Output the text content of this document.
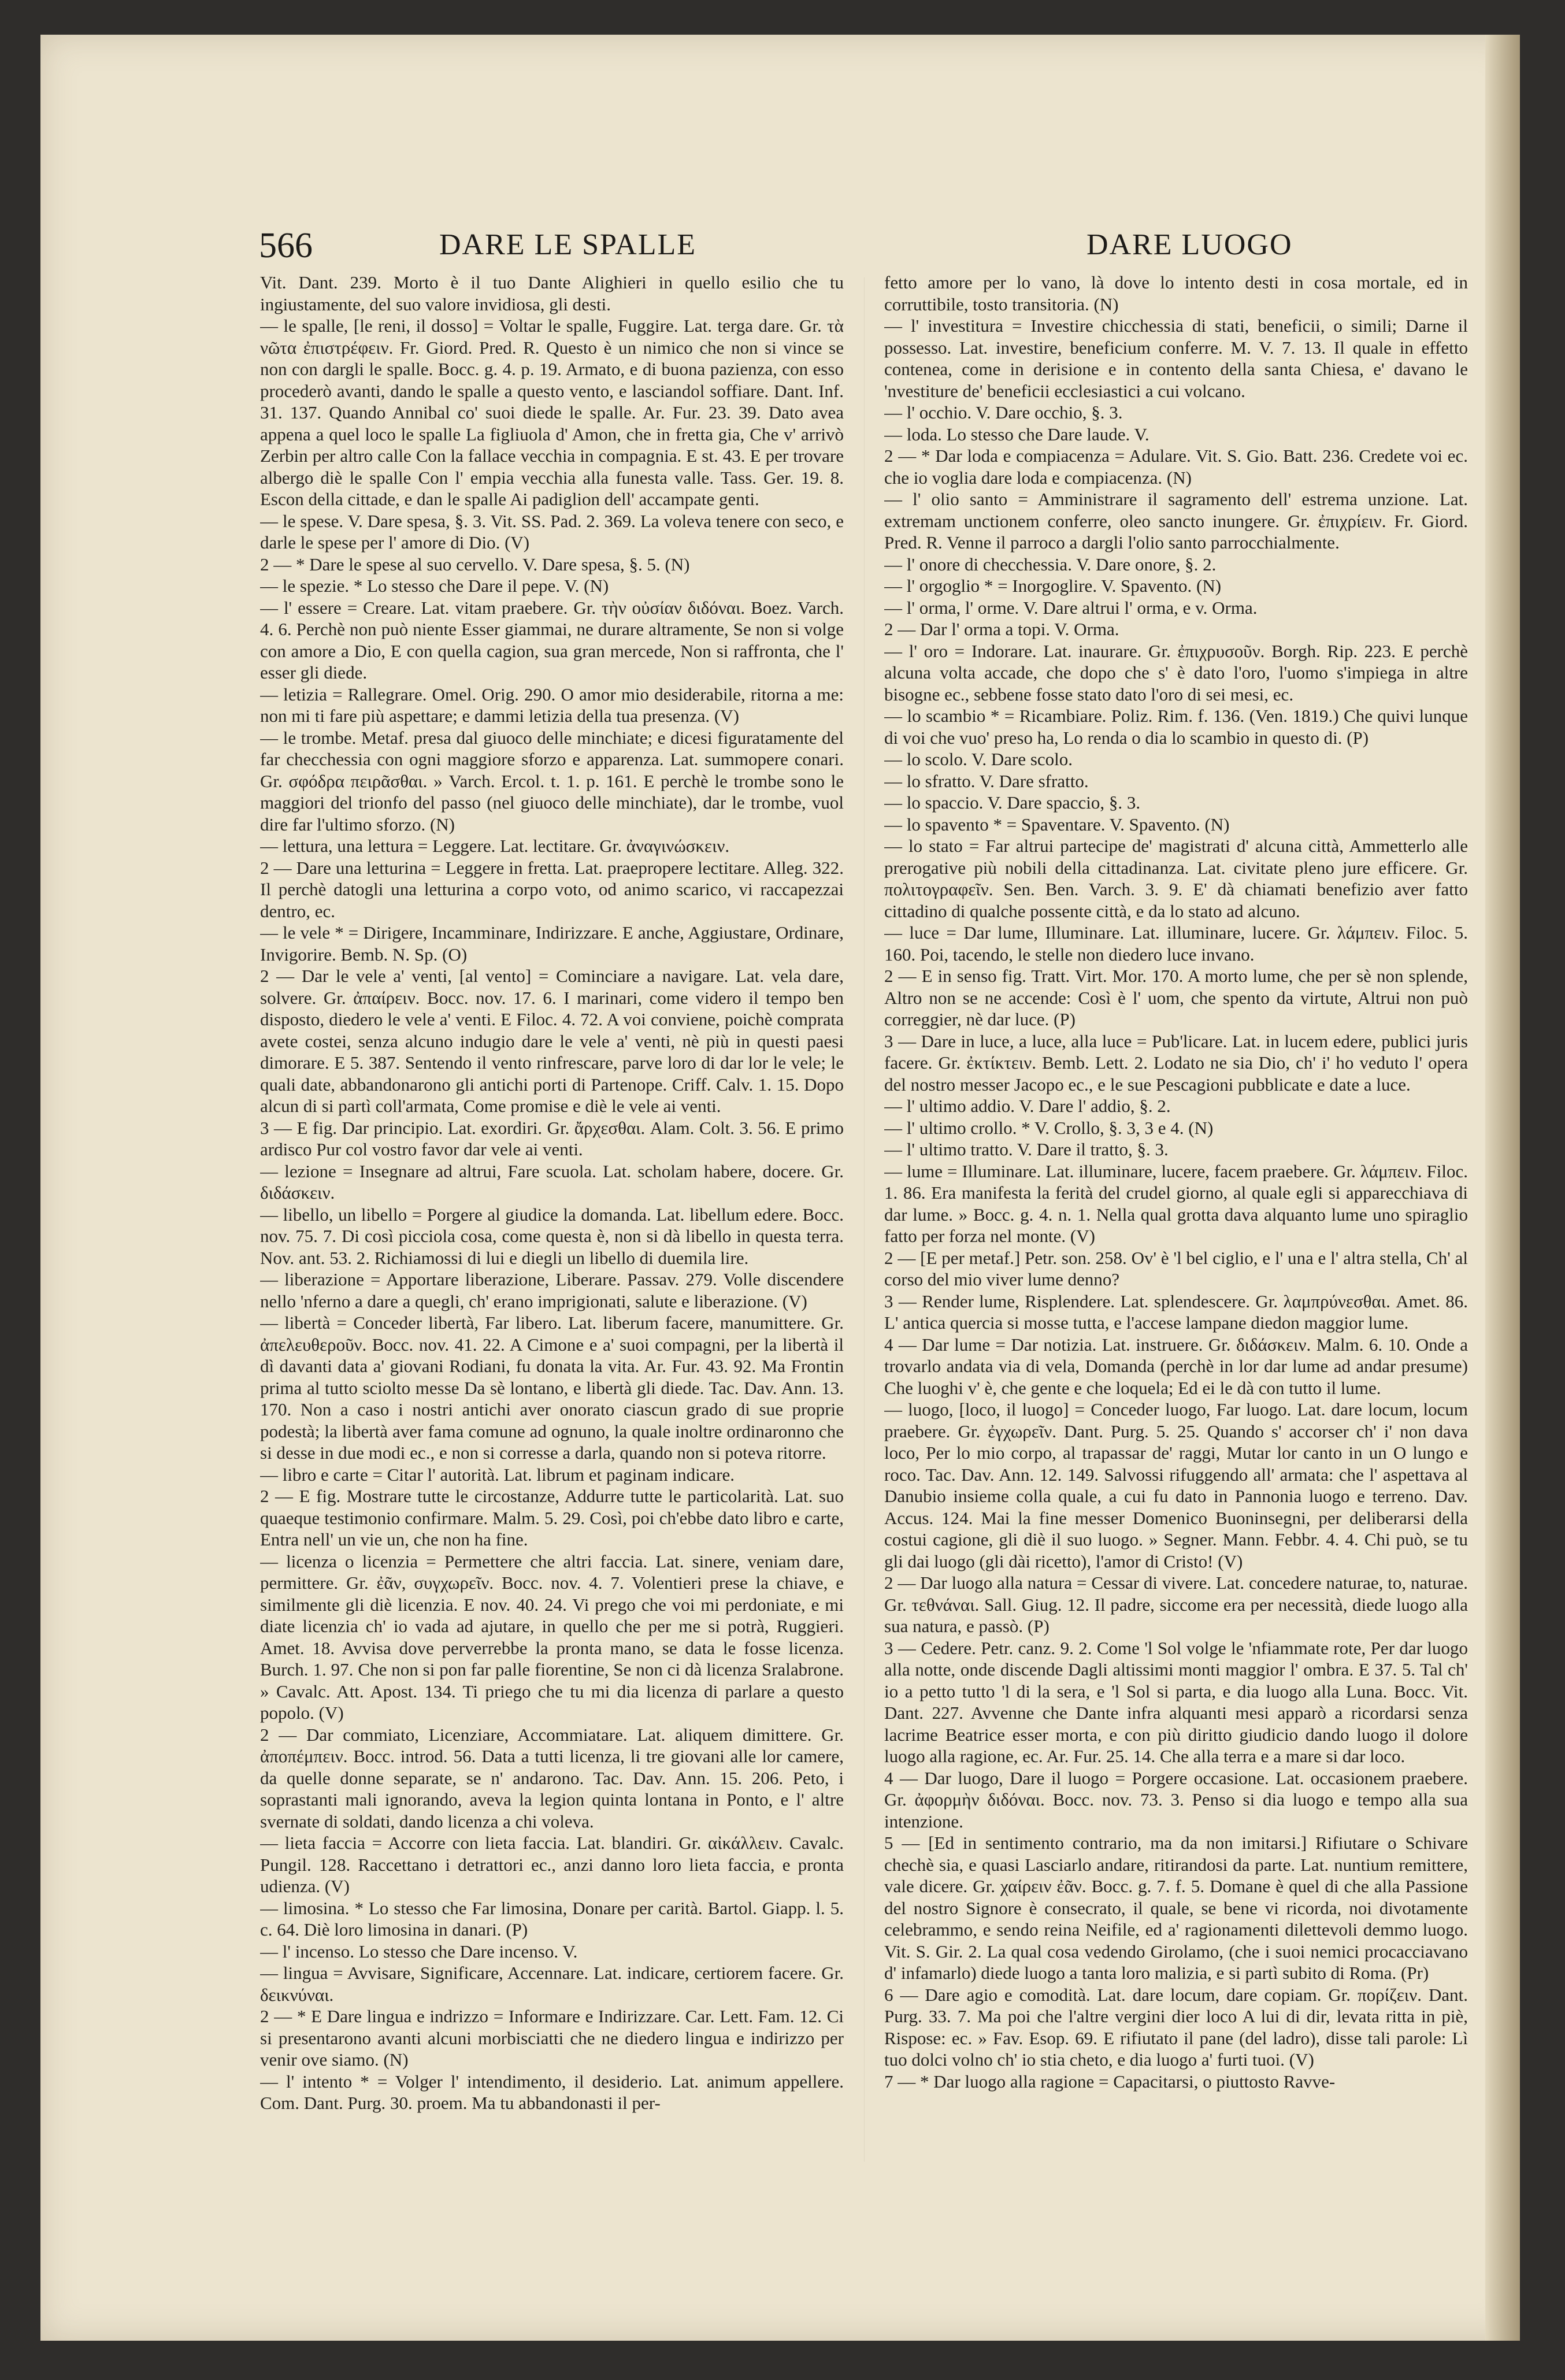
566	DARE LE SPALLE	DARE LUOGO

Vit. Dant. 239. Morto è il tuo Dante Alighieri in quello esilio che tu ingiustamente, del suo valore invidiosa, gli desti.

— le spalle, [le reni, il dosso] = Voltar le spalle, Fuggire. Lat. terga dare. Gr. τὰ νῶτα ἐπιστρέφειν. Fr. Giord. Pred. R. Questo è un nimico che non si vince se non con dargli le spalle. Bocc. g. 4. p. 19. Armato, e di buona pazienza, con esso procederò avanti, dando le spalle a questo vento, e lasciandol soffiare. Dant. Inf. 31. 137. Quando Annibal co' suoi diede le spalle. Ar. Fur. 23. 39. Dato avea appena a quel loco le spalle La figliuola d' Amon, che in fretta gia, Che v' arrivò Zerbin per altro calle Con la fallace vecchia in compagnia. E st. 43. E per trovare albergo diè le spalle Con l' empia vecchia alla funesta valle. Tass. Ger. 19. 8. Escon della cittade, e dan le spalle Ai padiglion dell' accampate genti.

— le spese. V. Dare spesa, §. 3. Vit. SS. Pad. 2. 369. La voleva tenere con seco, e darle le spese per l' amore di Dio. (V)

2 — * Dare le spese al suo cervello. V. Dare spesa, §. 5. (N)

— le spezie. * Lo stesso che Dare il pepe. V. (N)

— l' essere = Creare. Lat. vitam praebere. Gr. τὴν οὐσίαν διδόναι. Boez. Varch. 4. 6. Perchè non può niente Esser giammai, ne durare altramente, Se non si volge con amore a Dio, E con quella cagion, sua gran mercede, Non si raffronta, che l' esser gli diede.

— letizia = Rallegrare. Omel. Orig. 290. O amor mio desiderabile, ritorna a me: non mi ti fare più aspettare; e dammi letizia della tua presenza. (V)

— le trombe. Metaf. presa dal giuoco delle minchiate; e dicesi figuratamente del far checchessia con ogni maggiore sforzo e apparenza. Lat. summopere conari. Gr. σφόδρα πειρᾶσθαι. » Varch. Ercol. t. 1. p. 161. E perchè le trombe sono le maggiori del trionfo del passo (nel giuoco delle minchiate), dar le trombe, vuol dire far l'ultimo sforzo. (N)

— lettura, una lettura = Leggere. Lat. lectitare. Gr. ἀναγινώσκειν.

2 — Dare una letturina = Leggere in fretta. Lat. praepropere lectitare. Alleg. 322. Il perchè datogli una letturina a corpo voto, od animo scarico, vi raccapezzai dentro, ec.

— le vele * = Dirigere, Incamminare, Indirizzare. E anche, Aggiustare, Ordinare, Invigorire. Bemb. N. Sp. (O)

2 — Dar le vele a' venti, [al vento] = Cominciare a navigare. Lat. vela dare, solvere. Gr. ἀπαίρειν. Bocc. nov. 17. 6. I marinari, come videro il tempo ben disposto, diedero le vele a' venti. E Filoc. 4. 72. A voi conviene, poichè comprata avete costei, senza alcuno indugio dare le vele a' venti, nè più in questi paesi dimorare. E 5. 387. Sentendo il vento rinfrescare, parve loro di dar lor le vele; le quali date, abbandonarono gli antichi porti di Partenope. Criff. Calv. 1. 15. Dopo alcun di si partì coll'armata, Come promise e diè le vele ai venti.

3 — E fig. Dar principio. Lat. exordiri. Gr. ἄρχεσθαι. Alam. Colt. 3. 56. E primo ardisco Pur col vostro favor dar vele ai venti.

— lezione = Insegnare ad altrui, Fare scuola. Lat. scholam habere, docere. Gr. διδάσκειν.

— libello, un libello = Porgere al giudice la domanda. Lat. libellum edere. Bocc. nov. 75. 7. Di così picciola cosa, come questa è, non si dà libello in questa terra. Nov. ant. 53. 2. Richiamossi di lui e diegli un libello di duemila lire.

— liberazione = Apportare liberazione, Liberare. Passav. 279. Volle discendere nello 'nferno a dare a quegli, ch' erano imprigionati, salute e liberazione. (V)

— libertà = Conceder libertà, Far libero. Lat. liberum facere, manumittere. Gr. ἀπελευθεροῦν. Bocc. nov. 41. 22. A Cimone e a' suoi compagni, per la libertà il dì davanti data a' giovani Rodiani, fu donata la vita. Ar. Fur. 43. 92. Ma Frontin prima al tutto sciolto messe Da sè lontano, e libertà gli diede. Tac. Dav. Ann. 13. 170. Non a caso i nostri antichi aver onorato ciascun grado di sue proprie podestà; la libertà aver fama comune ad ognuno, la quale inoltre ordinaronno che si desse in due modi ec., e non si corresse a darla, quando non si poteva ritorre.

— libro e carte = Citar l' autorità. Lat. librum et paginam indicare.

2 — E fig. Mostrare tutte le circostanze, Addurre tutte le particolarità. Lat. suo quaeque testimonio confirmare. Malm. 5. 29. Così, poi ch'ebbe dato libro e carte, Entra nell' un vie un, che non ha fine.

— licenza o licenzia = Permettere che altri faccia. Lat. sinere, veniam dare, permittere. Gr. ἐᾶν, συγχωρεῖν. Bocc. nov. 4. 7. Volentieri prese la chiave, e similmente gli diè licenzia. E nov. 40. 24. Vi prego che voi mi perdoniate, e mi diate licenzia ch' io vada ad ajutare, in quello che per me si potrà, Ruggieri. Amet. 18. Avvisa dove perverrebbe la pronta mano, se data le fosse licenza. Burch. 1. 97. Che non si pon far palle fiorentine, Se non ci dà licenza Sralabrone. » Cavalc. Att. Apost. 134. Ti priego che tu mi dia licenza di parlare a questo popolo. (V)

2 — Dar commiato, Licenziare, Accommiatare. Lat. aliquem dimittere. Gr. ἀποπέμπειν. Bocc. introd. 56. Data a tutti licenza, li tre giovani alle lor camere, da quelle donne separate, se n' andarono. Tac. Dav. Ann. 15. 206. Peto, i soprastanti mali ignorando, aveva la legion quinta lontana in Ponto, e l' altre svernate di soldati, dando licenza a chi voleva.

— lieta faccia = Accorre con lieta faccia. Lat. blandiri. Gr. αἰκάλλειν. Cavalc. Pungil. 128. Raccettano i detrattori ec., anzi danno loro lieta faccia, e pronta udienza. (V)

— limosina. * Lo stesso che Far limosina, Donare per carità. Bartol. Giapp. l. 5. c. 64. Diè loro limosina in danari. (P)

— l' incenso. Lo stesso che Dare incenso. V.

— lingua = Avvisare, Significare, Accennare. Lat. indicare, certiorem facere. Gr. δεικνύναι.

2 — * E Dare lingua e indrizzo = Informare e Indirizzare. Car. Lett. Fam. 12. Ci si presentarono avanti alcuni morbisciatti che ne diedero lingua e indirizzo per venir ove siamo. (N)

— l' intento * = Volger l' intendimento, il desiderio. Lat. animum appellere. Com. Dant. Purg. 30. proem. Ma tu abbandonasti il per-

fetto amore per lo vano, là dove lo intento desti in cosa mortale, ed in corruttibile, tosto transitoria. (N)

— l' investitura = Investire chicchessia di stati, beneficii, o simili; Darne il possesso. Lat. investire, beneficium conferre. M. V. 7. 13. Il quale in effetto contenea, come in derisione e in contento della santa Chiesa, e' davano le 'nvestiture de' beneficii ecclesiastici a cui volcano.

— l' occhio. V. Dare occhio, §. 3.

— loda. Lo stesso che Dare laude. V.

2 — * Dar loda e compiacenza = Adulare. Vit. S. Gio. Batt. 236. Credete voi ec. che io voglia dare loda e compiacenza. (N)

— l' olio santo = Amministrare il sagramento dell' estrema unzione. Lat. extremam unctionem conferre, oleo sancto inungere. Gr. ἐπιχρίειν. Fr. Giord. Pred. R. Venne il parroco a dargli l'olio santo parrocchialmente.

— l' onore di checchessia. V. Dare onore, §. 2.

— l' orgoglio * = Inorgoglire. V. Spavento. (N)

— l' orma, l' orme. V. Dare altrui l' orma, e v. Orma.

2 — Dar l' orma a topi. V. Orma.

— l' oro = Indorare. Lat. inaurare. Gr. ἐπιχρυσοῦν. Borgh. Rip. 223. E perchè alcuna volta accade, che dopo che s' è dato l'oro, l'uomo s'impiega in altre bisogne ec., sebbene fosse stato dato l'oro di sei mesi, ec.

— lo scambio * = Ricambiare. Poliz. Rim. f. 136. (Ven. 1819.) Che quivi lunque di voi che vuo' preso ha, Lo renda o dia lo scambio in questo di. (P)

— lo scolo. V. Dare scolo.

— lo sfratto. V. Dare sfratto.

— lo spaccio. V. Dare spaccio, §. 3.

— lo spavento * = Spaventare. V. Spavento. (N)

— lo stato = Far altrui partecipe de' magistrati d' alcuna città, Ammetterlo alle prerogative più nobili della cittadinanza. Lat. civitate pleno jure efficere. Gr. πολιτογραφεῖν. Sen. Ben. Varch. 3. 9. E' dà chiamati benefizio aver fatto cittadino di qualche possente città, e da lo stato ad alcuno.

— luce = Dar lume, Illuminare. Lat. illuminare, lucere. Gr. λάμπειν. Filoc. 5. 160. Poi, tacendo, le stelle non diedero luce invano.

2 — E in senso fig. Tratt. Virt. Mor. 170. A morto lume, che per sè non splende, Altro non se ne accende: Così è l' uom, che spento da virtute, Altrui non può correggier, nè dar luce. (P)

3 — Dare in luce, a luce, alla luce = Pub'licare. Lat. in lucem edere, publici juris facere. Gr. ἐκτίκτειν. Bemb. Lett. 2. Lodato ne sia Dio, ch' i' ho veduto l' opera del nostro messer Jacopo ec., e le sue Pescagioni pubblicate e date a luce.

— l' ultimo addio. V. Dare l' addio, §. 2.

— l' ultimo crollo. * V. Crollo, §. 3, 3 e 4. (N)

— l' ultimo tratto. V. Dare il tratto, §. 3.

— lume = Illuminare. Lat. illuminare, lucere, facem praebere. Gr. λάμπειν. Filoc. 1. 86. Era manifesta la ferità del crudel giorno, al quale egli si apparecchiava di dar lume. » Bocc. g. 4. n. 1. Nella qual grotta dava alquanto lume uno spiraglio fatto per forza nel monte. (V)

2 — [E per metaf.] Petr. son. 258. Ov' è 'l bel ciglio, e l' una e l' altra stella, Ch' al corso del mio viver lume denno?

3 — Render lume, Risplendere. Lat. splendescere. Gr. λαμπρύνεσθαι. Amet. 86. L' antica quercia si mosse tutta, e l'accese lampane diedon maggior lume.

4 — Dar lume = Dar notizia. Lat. instruere. Gr. διδάσκειν. Malm. 6. 10. Onde a trovarlo andata via di vela, Domanda (perchè in lor dar lume ad andar presume) Che luoghi v' è, che gente e che loquela; Ed ei le dà con tutto il lume.

— luogo, [loco, il luogo] = Conceder luogo, Far luogo. Lat. dare locum, locum praebere. Gr. ἐγχωρεῖν. Dant. Purg. 5. 25. Quando s' accorser ch' i' non dava loco, Per lo mio corpo, al trapassar de' raggi, Mutar lor canto in un O lungo e roco. Tac. Dav. Ann. 12. 149. Salvossi rifuggendo all' armata: che l' aspettava al Danubio insieme colla quale, a cui fu dato in Pannonia luogo e terreno. Dav. Accus. 124. Mai la fine messer Domenico Buoninsegni, per deliberarsi della costui cagione, gli diè il suo luogo. » Segner. Mann. Febbr. 4. 4. Chi può, se tu gli dai luogo (gli dài ricetto), l'amor di Cristo! (V)

2 — Dar luogo alla natura = Cessar di vivere. Lat. concedere naturae, to, naturae. Gr. τεθνάναι. Sall. Giug. 12. Il padre, siccome era per necessità, diede luogo alla sua natura, e passò. (P)

3 — Cedere. Petr. canz. 9. 2. Come 'l Sol volge le 'nfiammate rote, Per dar luogo alla notte, onde discende Dagli altissimi monti maggior l' ombra. E 37. 5. Tal ch' io a petto tutto 'l di la sera, e 'l Sol si parta, e dia luogo alla Luna. Bocc. Vit. Dant. 227. Avvenne che Dante infra alquanti mesi apparò a ricordarsi senza lacrime Beatrice esser morta, e con più diritto giudicio dando luogo il dolore luogo alla ragione, ec. Ar. Fur. 25. 14. Che alla terra e a mare si dar loco.

4 — Dar luogo, Dare il luogo = Porgere occasione. Lat. occasionem praebere. Gr. ἀφορμὴν διδόναι. Bocc. nov. 73. 3. Penso si dia luogo e tempo alla sua intenzione.

5 — [Ed in sentimento contrario, ma da non imitarsi.] Rifiutare o Schivare chechè sia, e quasi Lasciarlo andare, ritirandosi da parte. Lat. nuntium remittere, vale dicere. Gr. χαίρειν ἐᾶν. Bocc. g. 7. f. 5. Domane è quel di che alla Passione del nostro Signore è consecrato, il quale, se bene vi ricorda, noi divotamente celebrammo, e sendo reina Neifile, ed a' ragionamenti dilettevoli demmo luogo. Vit. S. Gir. 2. La qual cosa vedendo Girolamo, (che i suoi nemici procacciavano d' infamarlo) diede luogo a tanta loro malizia, e si partì subito di Roma. (Pr)

6 — Dare agio e comodità. Lat. dare locum, dare copiam. Gr. πορίζειν. Dant. Purg. 33. 7. Ma poi che l'altre vergini dier loco A lui di dir, levata ritta in piè, Rispose: ec. » Fav. Esop. 69. E rifiutato il pane (del ladro), disse tali parole: Lì tuo dolci volno ch' io stia cheto, e dia luogo a' furti tuoi. (V)

7 — * Dar luogo alla ragione = Capacitarsi, o piuttosto Ravve-
